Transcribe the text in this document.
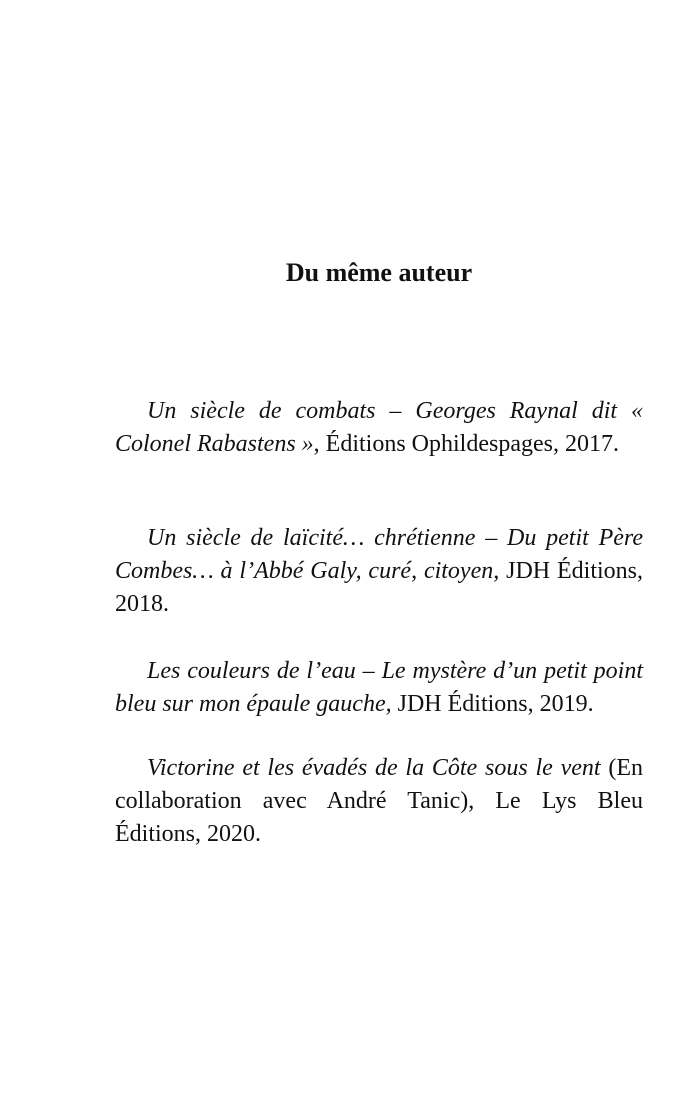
Du même auteur

Un siècle de combats – Georges Raynal dit « Colonel Rabastens », Éditions Ophildespages, 2017.

Un siècle de laïcité… chrétienne – Du petit Père Combes… à l’Abbé Galy, curé, citoyen, JDH Éditions, 2018.

Les couleurs de l’eau – Le mystère d’un petit point bleu sur mon épaule gauche, JDH Éditions, 2019.

Victorine et les évadés de la Côte sous le vent (En collaboration avec André Tanic), Le Lys Bleu Éditions, 2020.
